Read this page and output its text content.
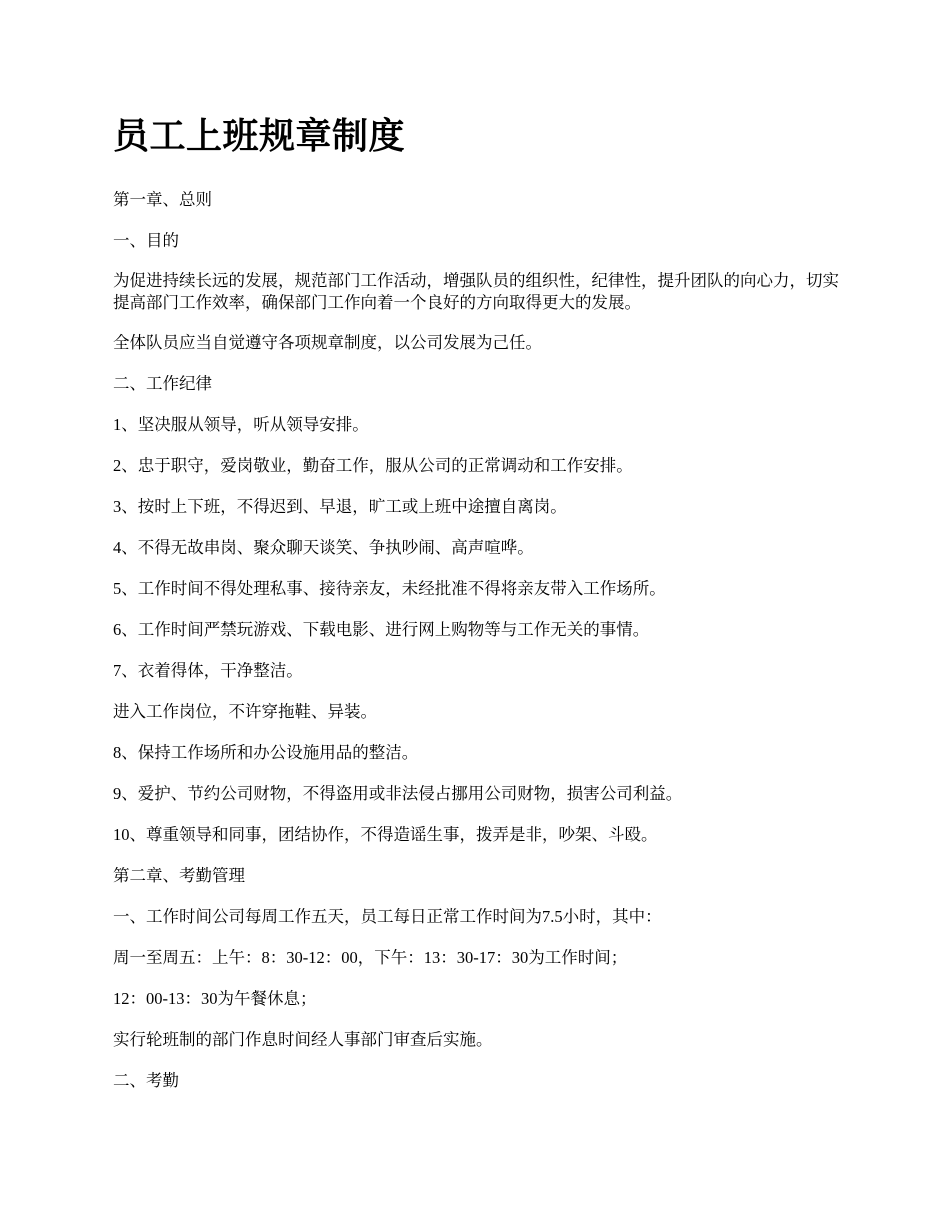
员工上班规章制度

第一章、总则

一、目的

为促进持续长远的发展，规范部门工作活动，增强队员的组织性，纪律性，提升团队的向心力，切实提高部门工作效率，确保部门工作向着一个良好的方向取得更大的发展。

全体队员应当自觉遵守各项规章制度，以公司发展为己任。

二、工作纪律

1、坚决服从领导，听从领导安排。

2、忠于职守，爱岗敬业，勤奋工作，服从公司的正常调动和工作安排。

3、按时上下班，不得迟到、早退，旷工或上班中途擅自离岗。

4、不得无故串岗、聚众聊天谈笑、争执吵闹、高声喧哗。

5、工作时间不得处理私事、接待亲友，未经批准不得将亲友带入工作场所。

6、工作时间严禁玩游戏、下载电影、进行网上购物等与工作无关的事情。

7、衣着得体，干净整洁。

进入工作岗位，不许穿拖鞋、异装。

8、保持工作场所和办公设施用品的整洁。

9、爱护、节约公司财物，不得盗用或非法侵占挪用公司财物，损害公司利益。

10、尊重领导和同事，团结协作，不得造谣生事，拨弄是非，吵架、斗殴。

第二章、考勤管理

一、工作时间公司每周工作五天，员工每日正常工作时间为7.5小时，其中：

周一至周五：上午：8：30-12：00，下午：13：30-17：30为工作时间；

12：00-13：30为午餐休息；

实行轮班制的部门作息时间经人事部门审查后实施。

二、考勤
